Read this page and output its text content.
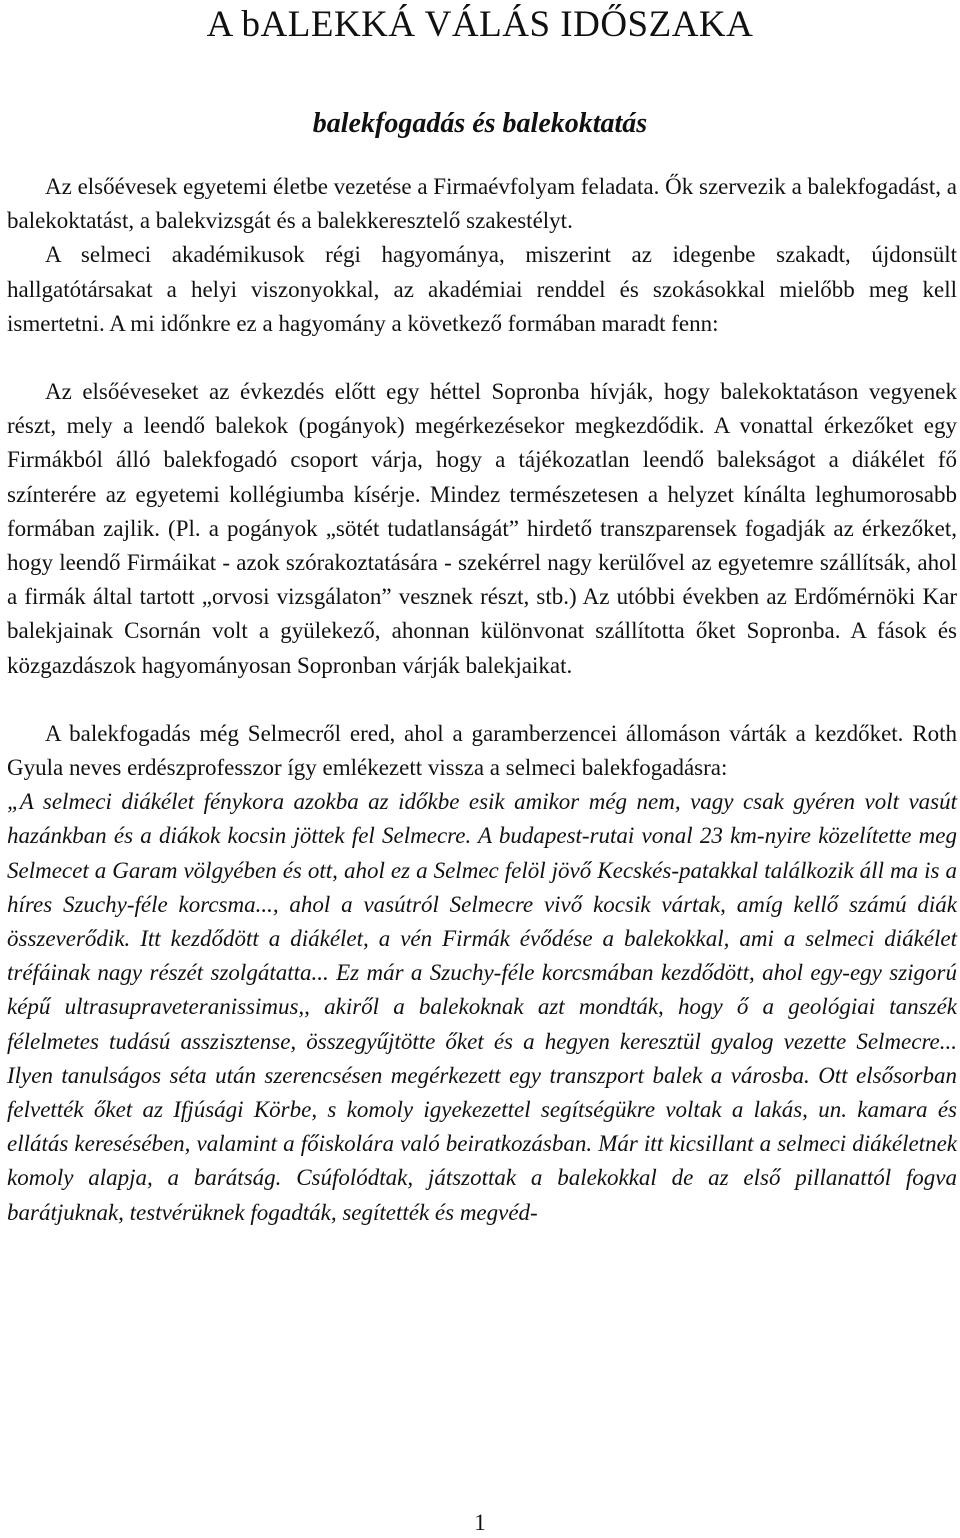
A bALEKKÁ VÁLÁS IDŐSZAKA
balekfogadás és balekoktatás

Az elsőévesek egyetemi életbe vezetése a Firmaévfolyam feladata. Ők szervezik a balekfogadást, a balekoktatást, a balekvizsgát és a balekkeresztelő szakestélyt.

A selmeci akadémikusok régi hagyománya, miszerint az idegenbe szakadt, újdonsült hallgatótársakat a helyi viszonyokkal, az akadémiai renddel és szokásokkal mielőbb meg kell ismertetni. A mi időnkre ez a hagyomány a következő formában maradt fenn:

Az elsőéveseket az évkezdés előtt egy héttel Sopronba hívják, hogy balekoktatáson vegyenek részt, mely a leendő balekok (pogányok) megérkezésekor megkezdődik. A vonattal érkezőket egy Firmákból álló balekfogadó csoport várja, hogy a tájékozatlan leendő balekságot a diákélet fő színterére az egyetemi kollégiumba kísérje. Mindez természetesen a helyzet kínálta leghumorosabb formában zajlik. (Pl. a pogányok „sötét tudatlanságát” hirdető transzparensek fogadják az érkezőket, hogy leendő Firmáikat - azok szórakoztatására - szekérrel nagy kerülővel az egyetemre szállítsák, ahol a firmák által tartott „orvosi vizsgálaton” vesznek részt, stb.) Az utóbbi években az Erdőmérnöki Kar balekjainak Csornán volt a gyülekező, ahonnan különvonat szállította őket Sopronba. A fások és közgazdászok hagyományosan Sopronban várják balekjaikat.

A balekfogadás még Selmecről ered, ahol a garamberzencei állomáson várták a kezdőket. Roth Gyula neves erdészprofesszor így emlékezett vissza a selmeci balekfogadásra:

„A selmeci diákélet fénykora azokba az időkbe esik amikor még nem, vagy csak gyéren volt vasút hazánkban és a diákok kocsin jöttek fel Selmecre. A budapest-rutai vonal 23 km-nyire közelítette meg Selmecet a Garam völgyében és ott, ahol ez a Selmec felöl jövő Kecskés-patakkal találkozik áll ma is a híres Szuchy-féle korcsma..., ahol a vasútról Selmecre vivő kocsik vártak, amíg kellő számú diák összeverődik. Itt kezdődött a diákélet, a vén Firmák évődése a balekokkal, ami a selmeci diákélet tréfáinak nagy részét szolgátatta... Ez már a Szuchy-féle korcsmában kezdődött, ahol egy-egy szigorú képű ultrasupraveteranissimus,, akiről a balekoknak azt mondták, hogy ő a geológiai tanszék félelmetes tudású asszisztense, összegyűjtötte őket és a hegyen keresztül gyalog vezette Selmecre... Ilyen tanulságos séta után szerencsésen megérkezett egy transzport balek a városba. Ott elsősorban felvették őket az Ifjúsági Körbe, s komoly igyekezettel segítségükre voltak a lakás, un. kamara és ellátás keresésében, valamint a főiskolára való beiratkozásban. Már itt kicsillant a selmeci diákéletnek komoly alapja, a barátság. Csúfolódtak, játszottak a balekokkal de az első pillanattól fogva barátjuknak, testvérüknek fogadták, segítették és megvéd-

1
